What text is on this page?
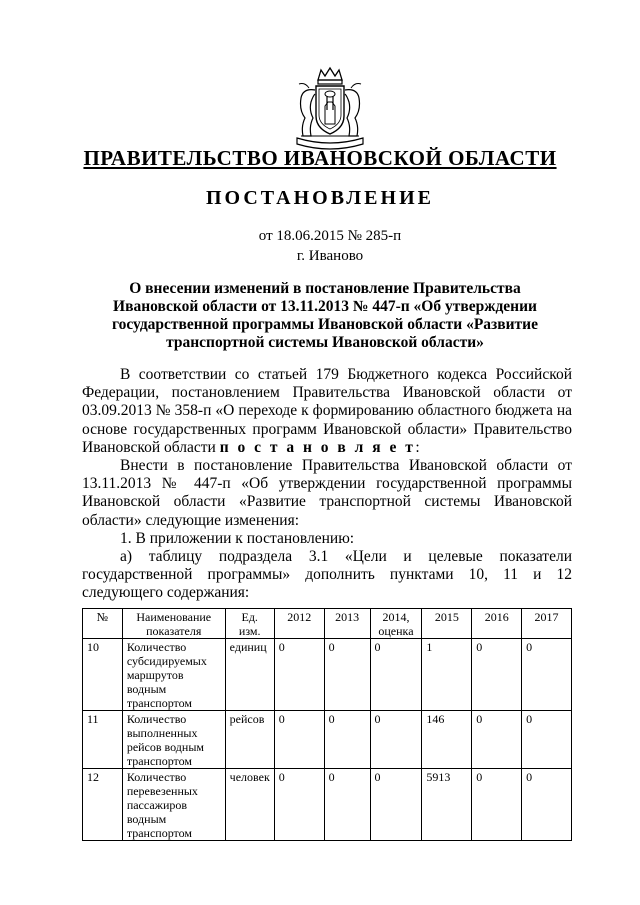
ПРАВИТЕЛЬСТВО ИВАНОВСКОЙ ОБЛАСТИ
ПОСТАНОВЛЕНИЕ
от 18.06.2015 № 285-п
г. Иваново
О внесении изменений в постановление Правительства
Ивановской области от 13.11.2013 № 447-п «Об утверждении
государственной программы Ивановской области «Развитие
транспортной системы Ивановской области»

В соответствии со статьей 179 Бюджетного кодекса Российской Федерации, постановлением Правительства Ивановской области от 03.09.2013 № 358-п «О переходе к формированию областного бюджета на основе государственных программ Ивановской области» Правительство Ивановской области п о с т а н о в л я е т:

Внести в постановление Правительства Ивановской области от 13.11.2013 № 447-п «Об утверждении государственной программы Ивановской области «Развитие транспортной системы Ивановской области» следующие изменения:

1. В приложении к постановлению:

а) таблицу подраздела 3.1 «Цели и целевые показатели государственной программы» дополнить пунктами 10, 11 и 12 следующего содержания:

№	Наименование показателя	Ед. изм.	2012	2013	2014, оценка	2015	2016	2017
10	Количество субсидируемых маршрутов водным транспортом	единиц	0	0	0	1	0	0
11	Количество выполненных рейсов водным транспортом	рейсов	0	0	0	146	0	0
12	Количество перевезенных пассажиров водным транспортом	человек	0	0	0	5913	0	0
